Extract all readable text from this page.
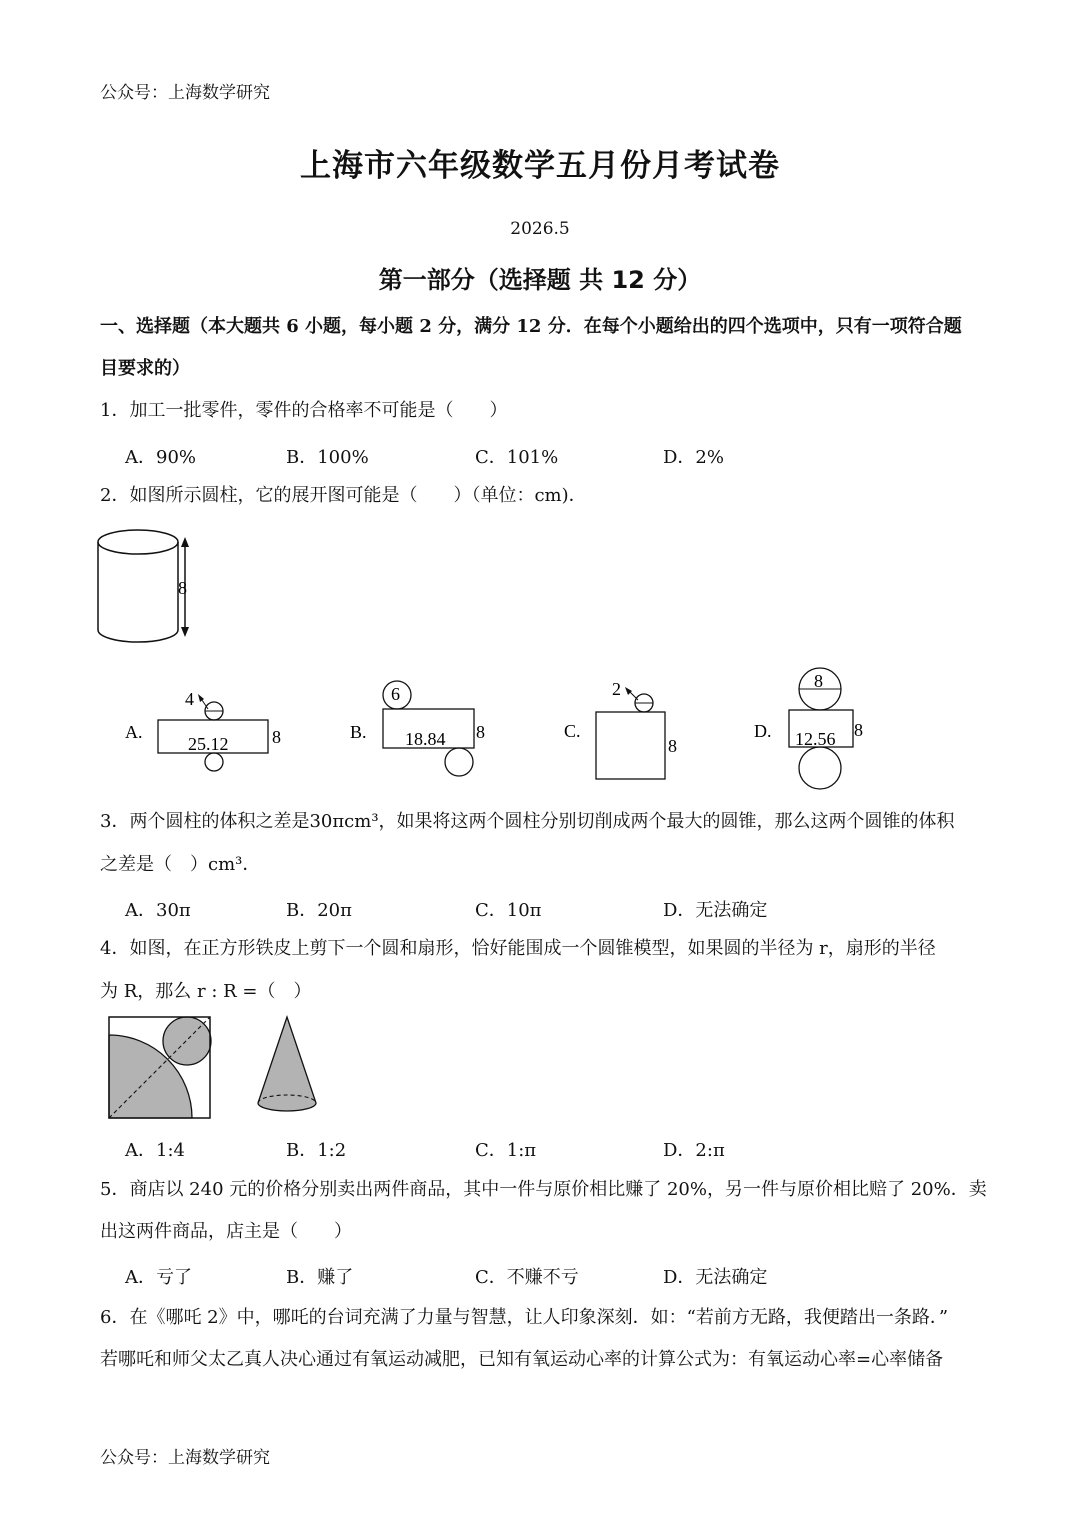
公众号：上海数学研究
上海市六年级数学五月份月考试卷
2026.5
第一部分（选择题 共 12 分）
一、选择题（本大题共 6 小题，每小题 2 分，满分 12 分．在每个小题给出的四个选项中，只有一项符合题
目要求的）
1．加工一批零件，零件的合格率不可能是（　　）
A．90%	B．100%	C．101%	D．2%
2．如图所示圆柱，它的展开图可能是（　　）（单位：cm)．
8
A.
4
25.12 8	B.
6
18.84 8	C.
2
8
D.
8
12.56 8
3．两个圆柱的体积之差是30πcm³，如果将这两个圆柱分别切削成两个最大的圆锥，那么这两个圆锥的体积
之差是（　）cm³．
A．30π	B．20π	C．10π	D．无法确定
4．如图，在正方形铁皮上剪下一个圆和扇形，恰好能围成一个圆锥模型，如果圆的半径为 r，扇形的半径
为 R，那么 r : R =（　）
A．1:4	B．1:2	C．1:π	D．2:π
5．商店以 240 元的价格分别卖出两件商品，其中一件与原价相比赚了 20%，另一件与原价相比赔了 20%．卖
出这两件商品，店主是（　　）
A．亏了	B．赚了	C．不赚不亏	D．无法确定
6．在《哪吒 2》中，哪吒的台词充满了力量与智慧，让人印象深刻．如：“若前方无路，我便踏出一条路．”
若哪吒和师父太乙真人决心通过有氧运动减肥，已知有氧运动心率的计算公式为：有氧运动心率=心率储备
公众号：上海数学研究
